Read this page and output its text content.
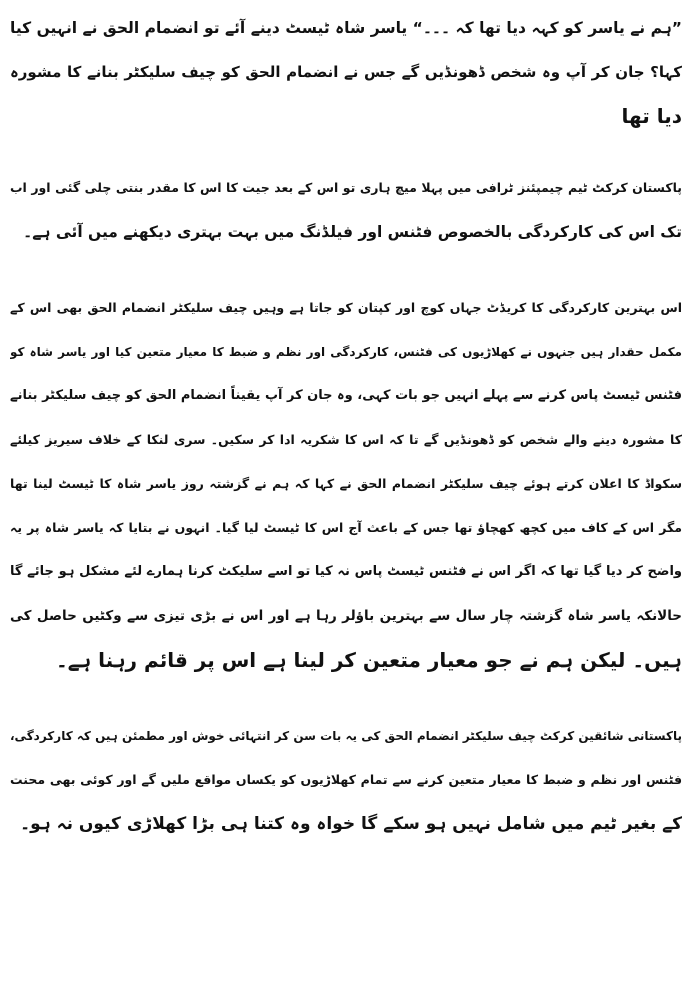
”ہم نے یاسر کو کہہ دیا تھا کہ ۔۔۔“ یاسر شاہ ٹیسٹ دینے آئے تو انضمام الحق نے انہیں کیا
کہا؟ جان کر آپ وہ شخص ڈھونڈیں گے جس نے انضمام الحق کو چیف سلیکٹر بنانے کا مشورہ
دیا تھا

پاکستان کرکٹ ٹیم چیمپئنز ٹرافی میں پہلا میچ ہاری تو اس کے بعد جیت کا اس کا مقدر بنتی چلی گئی اور اب
تک اس کی کارکردگی بالخصوص فٹنس اور فیلڈنگ میں بہت بہتری دیکھنے میں آئی ہے۔

اس بہترین کارکردگی کا کریڈٹ جہاں کوچ اور کپتان کو جاتا ہے وہیں چیف سلیکٹر انضمام الحق بھی اس کے
مکمل حقدار ہیں جنہوں نے کھلاڑیوں کی فٹنس، کارکردگی اور نظم و ضبط کا معیار متعین کیا اور یاسر شاہ کو
فٹنس ٹیسٹ پاس کرنے سے پہلے انہیں جو بات کہی، وہ جان کر آپ یقیناً انضمام الحق کو چیف سلیکٹر بنانے
کا مشورہ دینے والے شخص کو ڈھونڈیں گے تا کہ اس کا شکریہ ادا کر سکیں۔ سری لنکا کے خلاف سیریز کیلئے
سکواڈ کا اعلان کرتے ہوئے چیف سلیکٹر انضمام الحق نے کہا کہ ہم نے گزشتہ روز یاسر شاہ کا ٹیسٹ لینا تھا
مگر اس کے کاف میں کچھ کھچاؤ تھا جس کے باعث آج اس کا ٹیسٹ لیا گیا۔ انہوں نے بتایا کہ یاسر شاہ پر یہ
واضح کر دیا گیا تھا کہ اگر اس نے فٹنس ٹیسٹ پاس نہ کیا تو اسے سلیکٹ کرنا ہمارے لئے مشکل ہو جائے گا
حالانکہ یاسر شاہ گزشتہ چار سال سے بہترین باؤلر رہا ہے اور اس نے بڑی تیزی سے وکٹیں حاصل کی
ہیں۔ لیکن ہم نے جو معیار متعین کر لینا ہے اس پر قائم رہنا ہے۔

پاکستانی شائقین کرکٹ چیف سلیکٹر انضمام الحق کی یہ بات سن کر انتہائی خوش اور مطمئن ہیں کہ کارکردگی،
فٹنس اور نظم و ضبط کا معیار متعین کرنے سے تمام کھلاڑیوں کو یکساں مواقع ملیں گے اور کوئی بھی محنت
کے بغیر ٹیم میں شامل نہیں ہو سکے گا خواہ وہ کتنا ہی بڑا کھلاڑی کیوں نہ ہو۔
